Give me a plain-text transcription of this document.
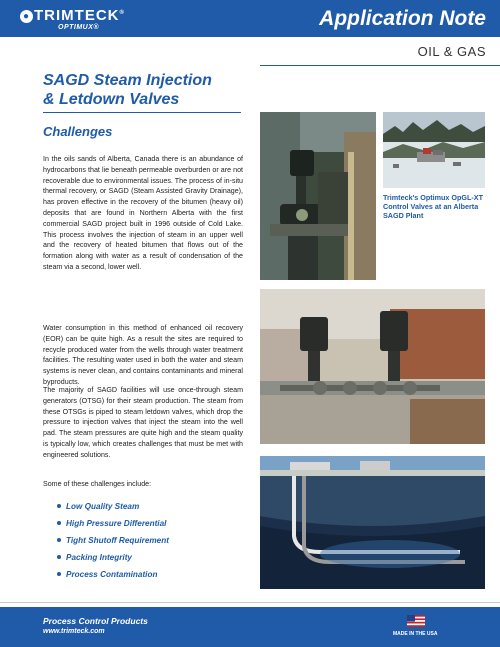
● TRIMTECK®
OPTIMUX®	Application Note
OIL & GAS
SAGD Steam Injection
& Letdown Valves
Challenges

In the oils sands of Alberta, Canada there is an abundance of hydrocarbons that lie beneath permeable overburden or are not recoverable due to environmental issues. The process of in-situ thermal recovery, or SAGD (Steam Assisted Gravity Drainage), has proven effective in the recovery of the bitumen (heavy oil) deposits that are found in Northern Alberta with the first commercial SAGD project built in 1996 outside of Cold Lake. This process involves the injection of steam in an upper well and the recovery of heated bitumen that flows out of the formation along with water as a result of condensation of the steam via a second, lower well.

Water consumption in this method of enhanced oil recovery (EOR) can be quite high. As a result the sites are required to recycle produced water from the wells through water treatment facilities. The resulting water used in both the water and steam systems is never clean, and contains contaminants and mineral byproducts.

The majority of SAGD facilities will use once-through steam generators (OTSG) for their steam production. The steam from these OTSGs is piped to steam letdown valves, which drop the pressure to injection valves that inject the steam into the well pad. The steam pressures are quite high and the steam quality is typically low, which creates challenges that must be met with engineered solutions.

Some of these challenges include:

Low Quality Steam
High Pressure Differential
Tight Shutoff Requirement
Packing Integrity
Process Contamination
Trimteck's Optimux OpGL-XT Control Valves at an Alberta SAGD Plant
Process Control Products
www.trimteck.com	MADE IN THE USA
